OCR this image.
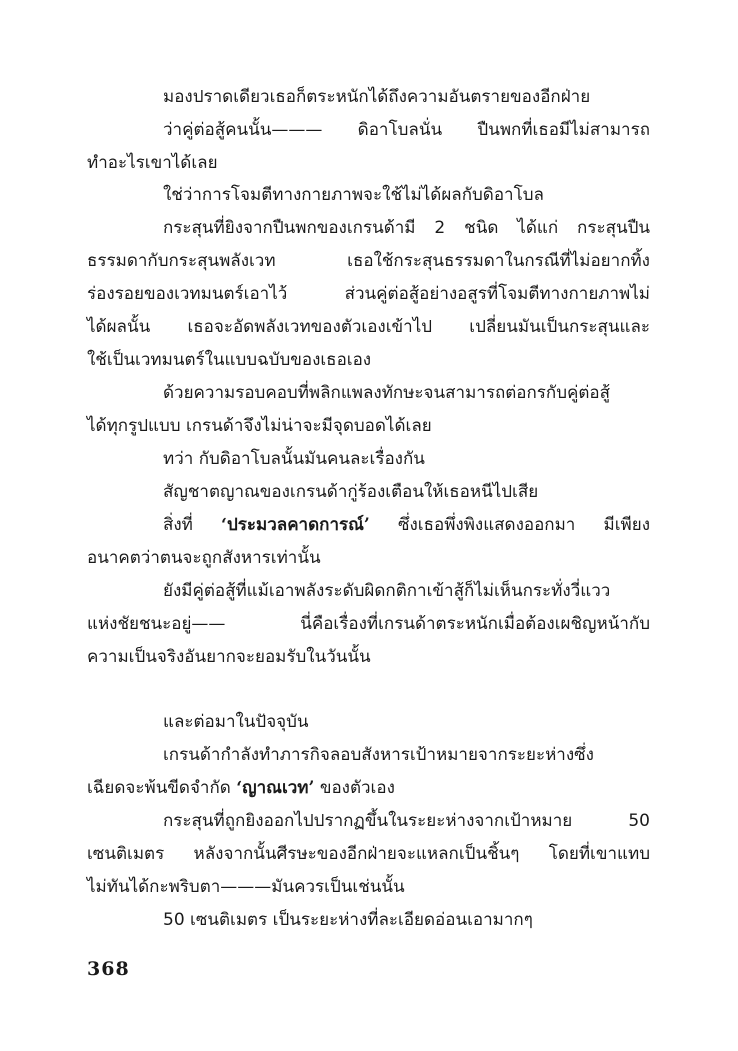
มองปราดเดียวเธอก็ตระหนักได้ถึงความอันตรายของอีกฝ่าย
ว่าคู่ต่อสู้คนนั้น——— ดิอาโบลนั่น ปืนพกที่เธอมีไม่สามารถ
ทำอะไรเขาได้เลย
ใช่ว่าการโจมตีทางกายภาพจะใช้ไม่ได้ผลกับดิอาโบล
กระสุนที่ยิงจากปืนพกของเกรนด้ามี 2 ชนิด ได้แก่ กระสุนปืน
ธรรมดากับกระสุนพลังเวท เธอใช้กระสุนธรรมดาในกรณีที่ไม่อยากทิ้ง
ร่องรอยของเวทมนตร์เอาไว้ ส่วนคู่ต่อสู้อย่างอสูรที่โจมตีทางกายภาพไม่
ได้ผลนั้น เธอจะอัดพลังเวทของตัวเองเข้าไป เปลี่ยนมันเป็นกระสุนและ
ใช้เป็นเวทมนตร์ในแบบฉบับของเธอเอง
ด้วยความรอบคอบที่พลิกแพลงทักษะจนสามารถต่อกรกับคู่ต่อสู้
ได้ทุกรูปแบบ เกรนด้าจึงไม่น่าจะมีจุดบอดได้เลย
ทว่า กับดิอาโบลนั้นมันคนละเรื่องกัน
สัญชาตญาณของเกรนด้ากู่ร้องเตือนให้เธอหนีไปเสีย
สิ่งที่ ‘ประมวลคาดการณ์’ ซึ่งเธอพึ่งพิงแสดงออกมา มีเพียง
อนาคตว่าตนจะถูกสังหารเท่านั้น
ยังมีคู่ต่อสู้ที่แม้เอาพลังระดับผิดกติกาเข้าสู้ก็ไม่เห็นกระทั่งวี่แวว
แห่งชัยชนะอยู่—— นี่คือเรื่องที่เกรนด้าตระหนักเมื่อต้องเผชิญหน้ากับ
ความเป็นจริงอันยากจะยอมรับในวันนั้น
และต่อมาในปัจจุบัน
เกรนด้ากำลังทำภารกิจลอบสังหารเป้าหมายจากระยะห่างซึ่ง
เฉียดจะพ้นขีดจำกัด ‘ญาณเวท’ ของตัวเอง
กระสุนที่ถูกยิงออกไปปรากฏขึ้นในระยะห่างจากเป้าหมาย 50
เซนติเมตร หลังจากนั้นศีรษะของอีกฝ่ายจะแหลกเป็นชิ้นๆ โดยที่เขาแทบ
ไม่ทันได้กะพริบตา———มันควรเป็นเช่นนั้น
50 เซนติเมตร เป็นระยะห่างที่ละเอียดอ่อนเอามากๆ
368
